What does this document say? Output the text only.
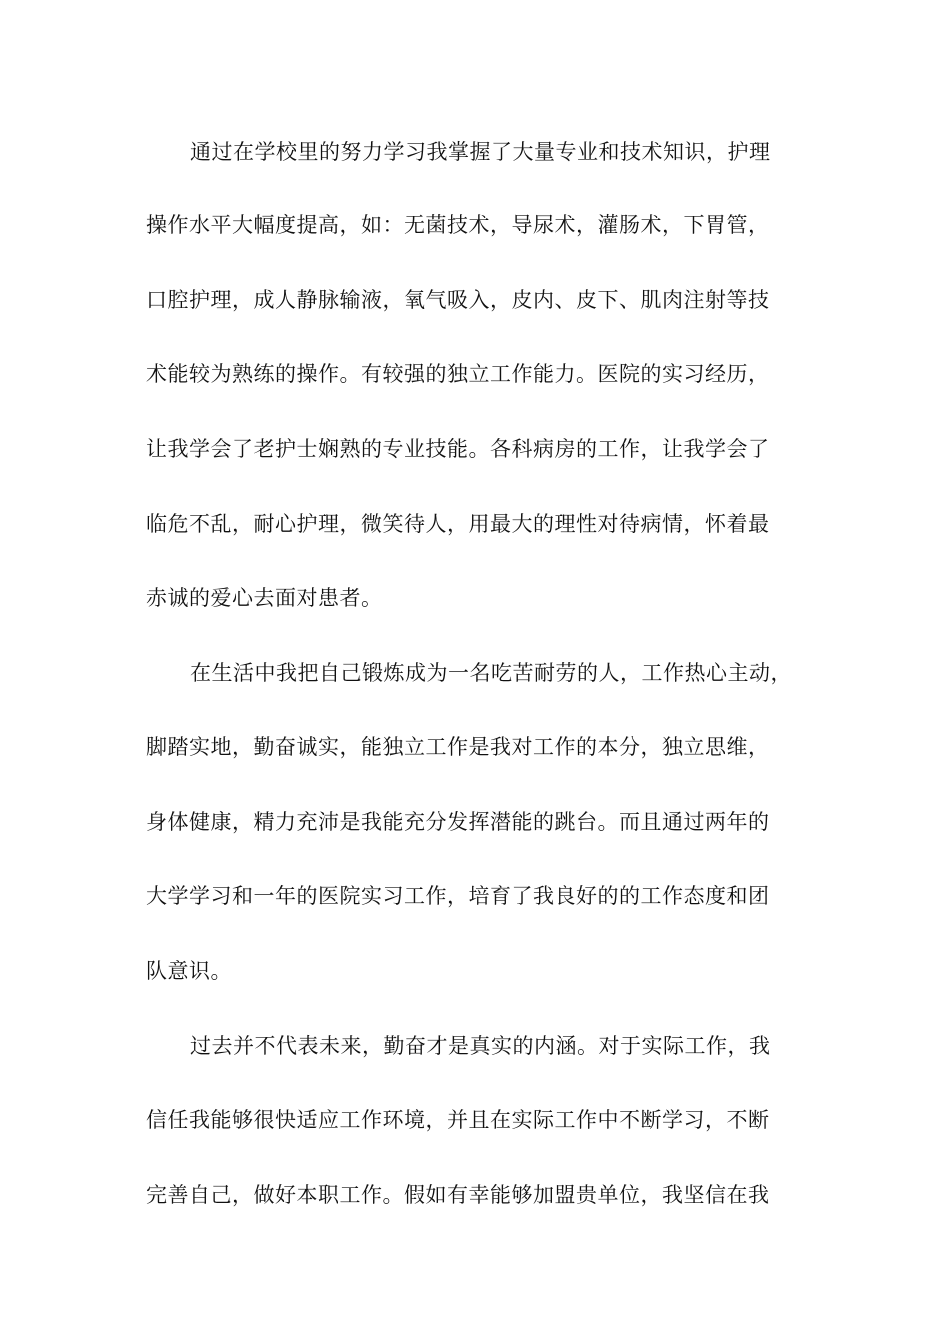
通过在学校里的努力学习我掌握了大量专业和技术知识，护理
操作水平大幅度提高，如：无菌技术，导尿术，灌肠术，下胃管，
口腔护理，成人静脉输液，氧气吸入，皮内、皮下、肌肉注射等技
术能较为熟练的操作。有较强的独立工作能力。医院的实习经历，
让我学会了老护士娴熟的专业技能。各科病房的工作，让我学会了
临危不乱，耐心护理，微笑待人，用最大的理性对待病情，怀着最
赤诚的爱心去面对患者。
在生活中我把自己锻炼成为一名吃苦耐劳的人，工作热心主动，
脚踏实地，勤奋诚实，能独立工作是我对工作的本分，独立思维，
身体健康，精力充沛是我能充分发挥潜能的跳台。而且通过两年的
大学学习和一年的医院实习工作，培育了我良好的的工作态度和团
队意识。
过去并不代表未来，勤奋才是真实的内涵。对于实际工作，我
信任我能够很快适应工作环境，并且在实际工作中不断学习，不断
完善自己，做好本职工作。假如有幸能够加盟贵单位，我坚信在我
